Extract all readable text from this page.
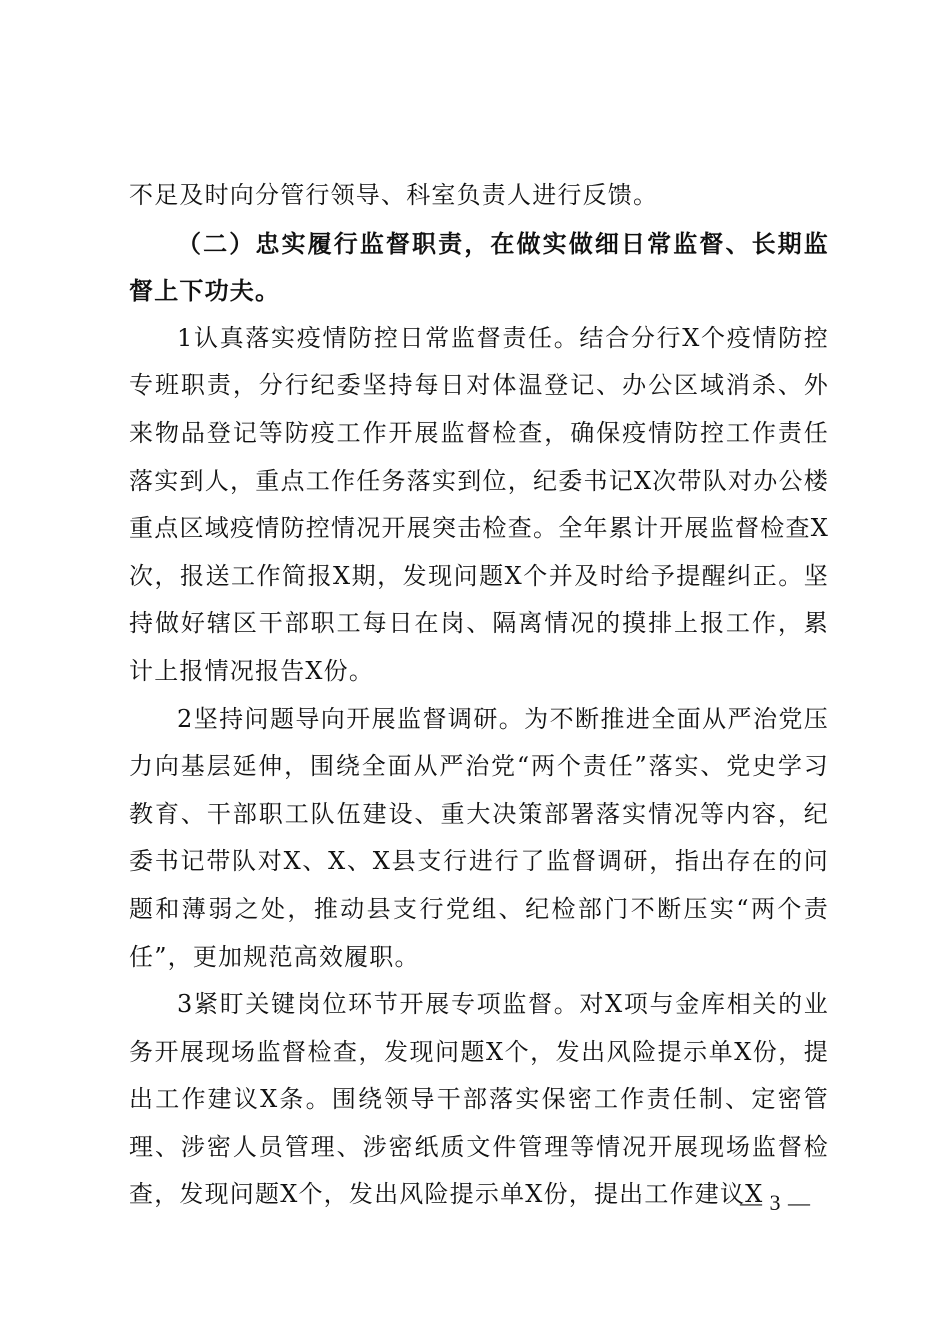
不足及时向分管行领导、科室负责人进行反馈。

（二）忠实履行监督职责，在做实做细日常监督、长期监督上下功夫。

1认真落实疫情防控日常监督责任。结合分行X个疫情防控专班职责，分行纪委坚持每日对体温登记、办公区域消杀、外来物品登记等防疫工作开展监督检查，确保疫情防控工作责任落实到人，重点工作任务落实到位，纪委书记X次带队对办公楼重点区域疫情防控情况开展突击检查。全年累计开展监督检查X次，报送工作简报X期，发现问题X个并及时给予提醒纠正。坚持做好辖区干部职工每日在岗、隔离情况的摸排上报工作，累计上报情况报告X份。

2坚持问题导向开展监督调研。为不断推进全面从严治党压力向基层延伸，围绕全面从严治党“两个责任”落实、党史学习教育、干部职工队伍建设、重大决策部署落实情况等内容，纪委书记带队对X、X、X县支行进行了监督调研，指出存在的问题和薄弱之处，推动县支行党组、纪检部门不断压实“两个责任”，更加规范高效履职。

3紧盯关键岗位环节开展专项监督。对X项与金库相关的业务开展现场监督检查，发现问题X个，发出风险提示单X份，提出工作建议X条。围绕领导干部落实保密工作责任制、定密管理、涉密人员管理、涉密纸质文件管理等情况开展现场监督检查，发现问题X个，发出风险提示单X份，提出工作建议X

— 3 —
